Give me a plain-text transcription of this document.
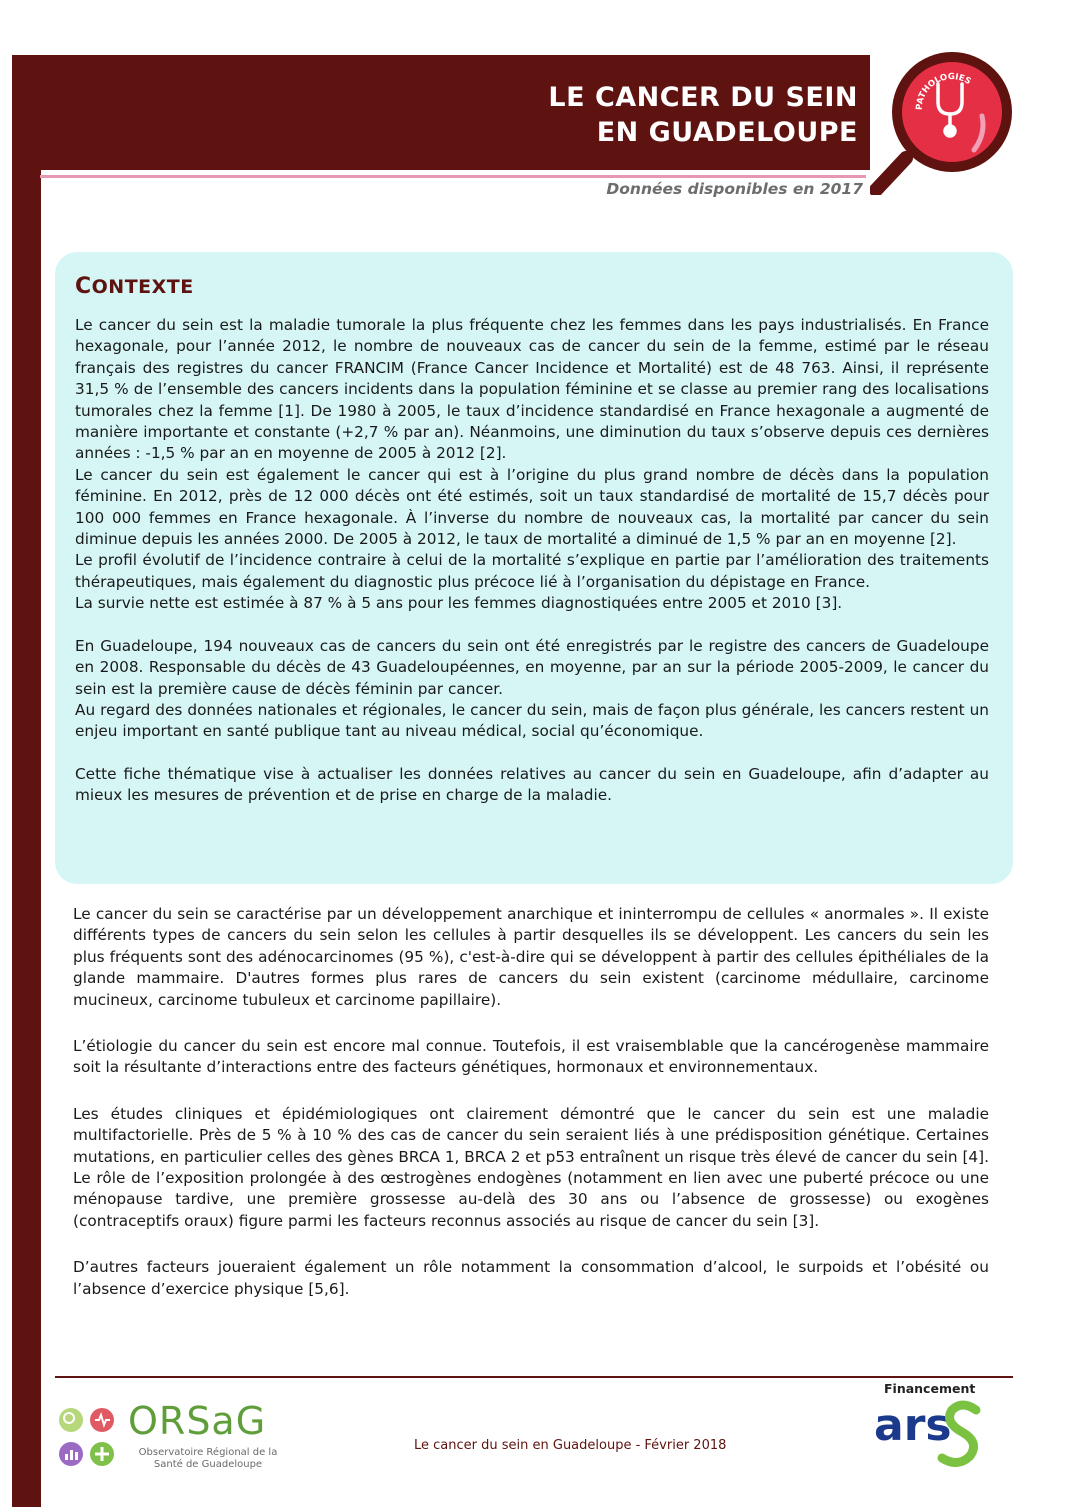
LE CANCER DU SEIN
EN GUADELOUPE
Données disponibles en 2017
PATHOLOGIES
CONTEXTE

Le cancer du sein est la maladie tumorale la plus fréquente chez les femmes dans les pays industrialisés. En France hexagonale, pour l’année 2012, le nombre de nouveaux cas de cancer du sein de la femme, estimé par le réseau français des registres du cancer FRANCIM (France Cancer Incidence et Mortalité) est de 48 763. Ainsi, il représente 31,5 % de l’ensemble des cancers incidents dans la population féminine et se classe au premier rang des localisations tumorales chez la femme [1]. De 1980 à 2005, le taux d’incidence standardisé en France hexagonale a augmenté de manière importante et constante (+2,7 % par an). Néanmoins, une diminution du taux s’observe depuis ces dernières années : -1,5 % par an en moyenne de 2005 à 2012 [2].

Le cancer du sein est également le cancer qui est à l’origine du plus grand nombre de décès dans la population féminine. En 2012, près de 12 000 décès ont été estimés, soit un taux standardisé de mortalité de 15,7 décès pour 100 000 femmes en France hexagonale. À l’inverse du nombre de nouveaux cas, la mortalité par cancer du sein diminue depuis les années 2000. De 2005 à 2012, le taux de mortalité a diminué de 1,5 % par an en moyenne [2].

Le profil évolutif de l’incidence contraire à celui de la mortalité s’explique en partie par l’amélioration des traitements thérapeutiques, mais également du diagnostic plus précoce lié à l’organisation du dépistage en France.

La survie nette est estimée à 87 % à 5 ans pour les femmes diagnostiquées entre 2005 et 2010 [3].

En Guadeloupe, 194 nouveaux cas de cancers du sein ont été enregistrés par le registre des cancers de Guadeloupe en 2008. Responsable du décès de 43 Guadeloupéennes, en moyenne, par an sur la période 2005-2009, le cancer du sein est la première cause de décès féminin par cancer.

Au regard des données nationales et régionales, le cancer du sein, mais de façon plus générale, les cancers restent un enjeu important en santé publique tant au niveau médical, social qu’économique.

Cette fiche thématique vise à actualiser les données relatives au cancer du sein en Guadeloupe, afin d’adapter au mieux les mesures de prévention et de prise en charge de la maladie.

Le cancer du sein se caractérise par un développement anarchique et ininterrompu de cellules « anormales ». Il existe différents types de cancers du sein selon les cellules à partir desquelles ils se développent. Les cancers du sein les plus fréquents sont des adénocarcinomes (95 %), c'est-à-dire qui se développent à partir des cellules épithéliales de la glande mammaire. D'autres formes plus rares de cancers du sein existent (carcinome médullaire, carcinome mucineux, carcinome tubuleux et carcinome papillaire).

L’étiologie du cancer du sein est encore mal connue. Toutefois, il est vraisemblable que la cancérogenèse mammaire soit la résultante d’interactions entre des facteurs génétiques, hormonaux et environnementaux.

Les études cliniques et épidémiologiques ont clairement démontré que le cancer du sein est une maladie multifactorielle. Près de 5 % à 10 % des cas de cancer du sein seraient liés à une prédisposition génétique. Certaines mutations, en particulier celles des gènes BRCA 1, BRCA 2 et p53 entraînent un risque très élevé de cancer du sein [4]. Le rôle de l’exposition prolongée à des œstrogènes endogènes (notamment en lien avec une puberté précoce ou une ménopause tardive, une première grossesse au-delà des 30 ans ou l’absence de grossesse) ou exogènes (contraceptifs oraux) figure parmi les facteurs reconnus associés au risque de cancer du sein [3].

D’autres facteurs joueraient également un rôle notamment la consommation d’alcool, le surpoids et l’obésité ou l’absence d’exercice physique [5,6].

Financement
ORSaG
Observatoire Régional de la Santé de Guadeloupe
Le cancer du sein en Guadeloupe - Février 2018	ars
